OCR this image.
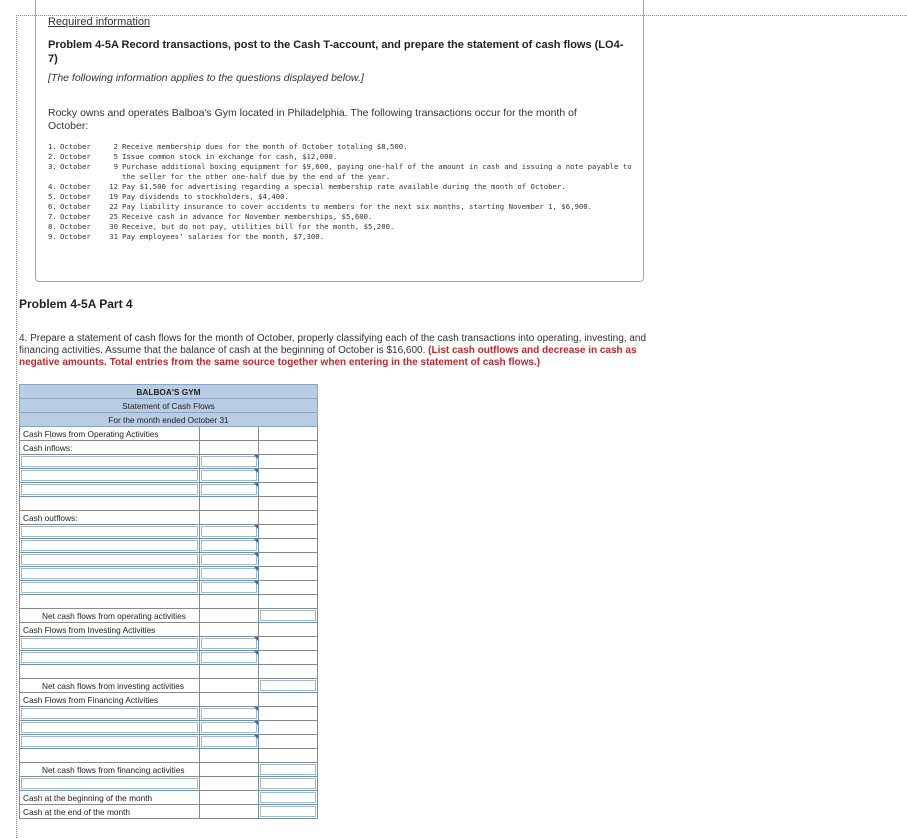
Required information
Problem 4-5A Record transactions, post to the Cash T-account, and prepare the statement of cash flows (LO4-7)
[The following information applies to the questions displayed below.]
Rocky owns and operates Balboa's Gym located in Philadelphia. The following transactions occur for the month of October:
1. October	2 Receive membership dues for the month of October totaling $8,500.
2. October	5 Issue common stock in exchange for cash, $12,000.
3. October	9 Purchase additional boxing equipment for $9,600, paying one-half of the amount in cash and issuing a note payable to the seller for the other one-half due by the end of the year.
4. October	12 Pay $1,500 for advertising regarding a special membership rate available during the month of October.
5. October	19 Pay dividends to stockholders, $4,400.
6. October	22 Pay liability insurance to cover accidents to members for the next six months, starting November 1, $6,900.
7. October	25 Receive cash in advance for November memberships, $5,600.
8. October	30 Receive, but do not pay, utilities bill for the month, $5,200.
9. October	31 Pay employees' salaries for the month, $7,300.
Problem 4-5A Part 4
4. Prepare a statement of cash flows for the month of October, properly classifying each of the cash transactions into operating, investing, and financing activities. Assume that the balance of cash at the beginning of October is $16,600. (List cash outflows and decrease in cash as negative amounts. Total entries from the same source together when entering in the statement of cash flows.)
BALBOA'S GYM		
Statement of Cash Flows		
For the month ended October 31		
Cash Flows from Operating Activities		
Cash inflows:		

Cash outflows:		

Net cash flows from operating activities		

Cash Flows from Investing Activities		

Net cash flows from investing activities		

Cash Flows from Financing Activities		

Net cash flows from financing activities		

Cash at the beginning of the month		

Cash at the end of the month		
